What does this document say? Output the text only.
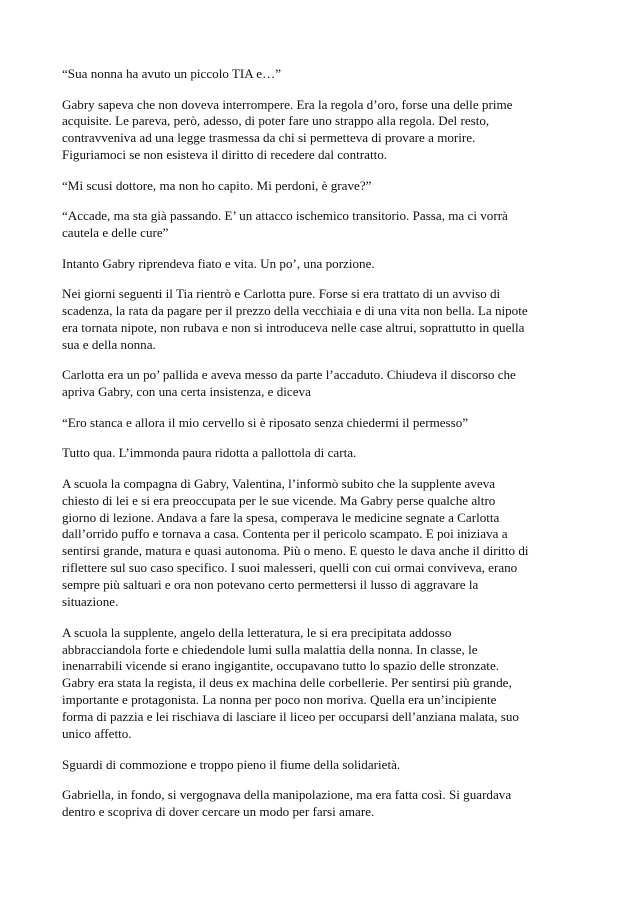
“Sua nonna ha avuto un piccolo TIA e…”

Gabry sapeva che non doveva interrompere. Era la regola d’oro, forse una delle prime
acquisite. Le pareva, però, adesso, di poter fare uno strappo alla regola. Del resto,
contravveniva ad una legge trasmessa da chi si permetteva di provare a morire.
Figuriamoci se non esisteva il diritto di recedere dal contratto.

“Mi scusi dottore, ma non ho capito. Mi perdoni, è grave?”

“Accade, ma sta già passando. E’ un attacco ischemico transitorio. Passa, ma ci vorrà
cautela e delle cure”

Intanto Gabry riprendeva fiato e vita. Un po’, una porzione.

Nei giorni seguenti il Tia rientrò e Carlotta pure. Forse si era trattato di un avviso di
scadenza, la rata da pagare per il prezzo della vecchiaia e di una vita non bella. La nipote
era tornata nipote, non rubava e non si introduceva nelle case altrui, soprattutto in quella
sua e della nonna.

Carlotta era un po’ pallida e aveva messo da parte l’accaduto. Chiudeva il discorso che
apriva Gabry, con una certa insistenza, e diceva

“Ero stanca e allora il mio cervello si è riposato senza chiedermi il permesso”

Tutto qua. L’immonda paura ridotta a pallottola di carta.

A scuola la compagna di Gabry, Valentina, l’informò subito che la supplente aveva
chiesto di lei e si era preoccupata per le sue vicende. Ma Gabry perse qualche altro
giorno di lezione. Andava a fare la spesa, comperava le medicine segnate a Carlotta
dall’orrido puffo e tornava a casa. Contenta per il pericolo scampato. E poi iniziava a
sentirsi grande, matura e quasi autonoma. Più o meno. E questo le dava anche il diritto di
riflettere sul suo caso specifico. I suoi malesseri, quelli con cui ormai conviveva, erano
sempre più saltuari e ora non potevano certo permettersi il lusso di aggravare la
situazione.

A scuola la supplente, angelo della letteratura, le si era precipitata addosso
abbracciandola forte e chiedendole lumi sulla malattia della nonna. In classe, le
inenarrabili vicende si erano ingigantite, occupavano tutto lo spazio delle stronzate.
Gabry era stata la regista, il deus ex machina delle corbellerie. Per sentirsi più grande,
importante e protagonista. La nonna per poco non moriva. Quella era un’incipiente
forma di pazzia e lei rischiava di lasciare il liceo per occuparsi dell’anziana malata, suo
unico affetto.

Sguardi di commozione e troppo pieno il fiume della solidarietà.

Gabriella, in fondo, si vergognava della manipolazione, ma era fatta così. Si guardava
dentro e scopriva di dover cercare un modo per farsi amare.
